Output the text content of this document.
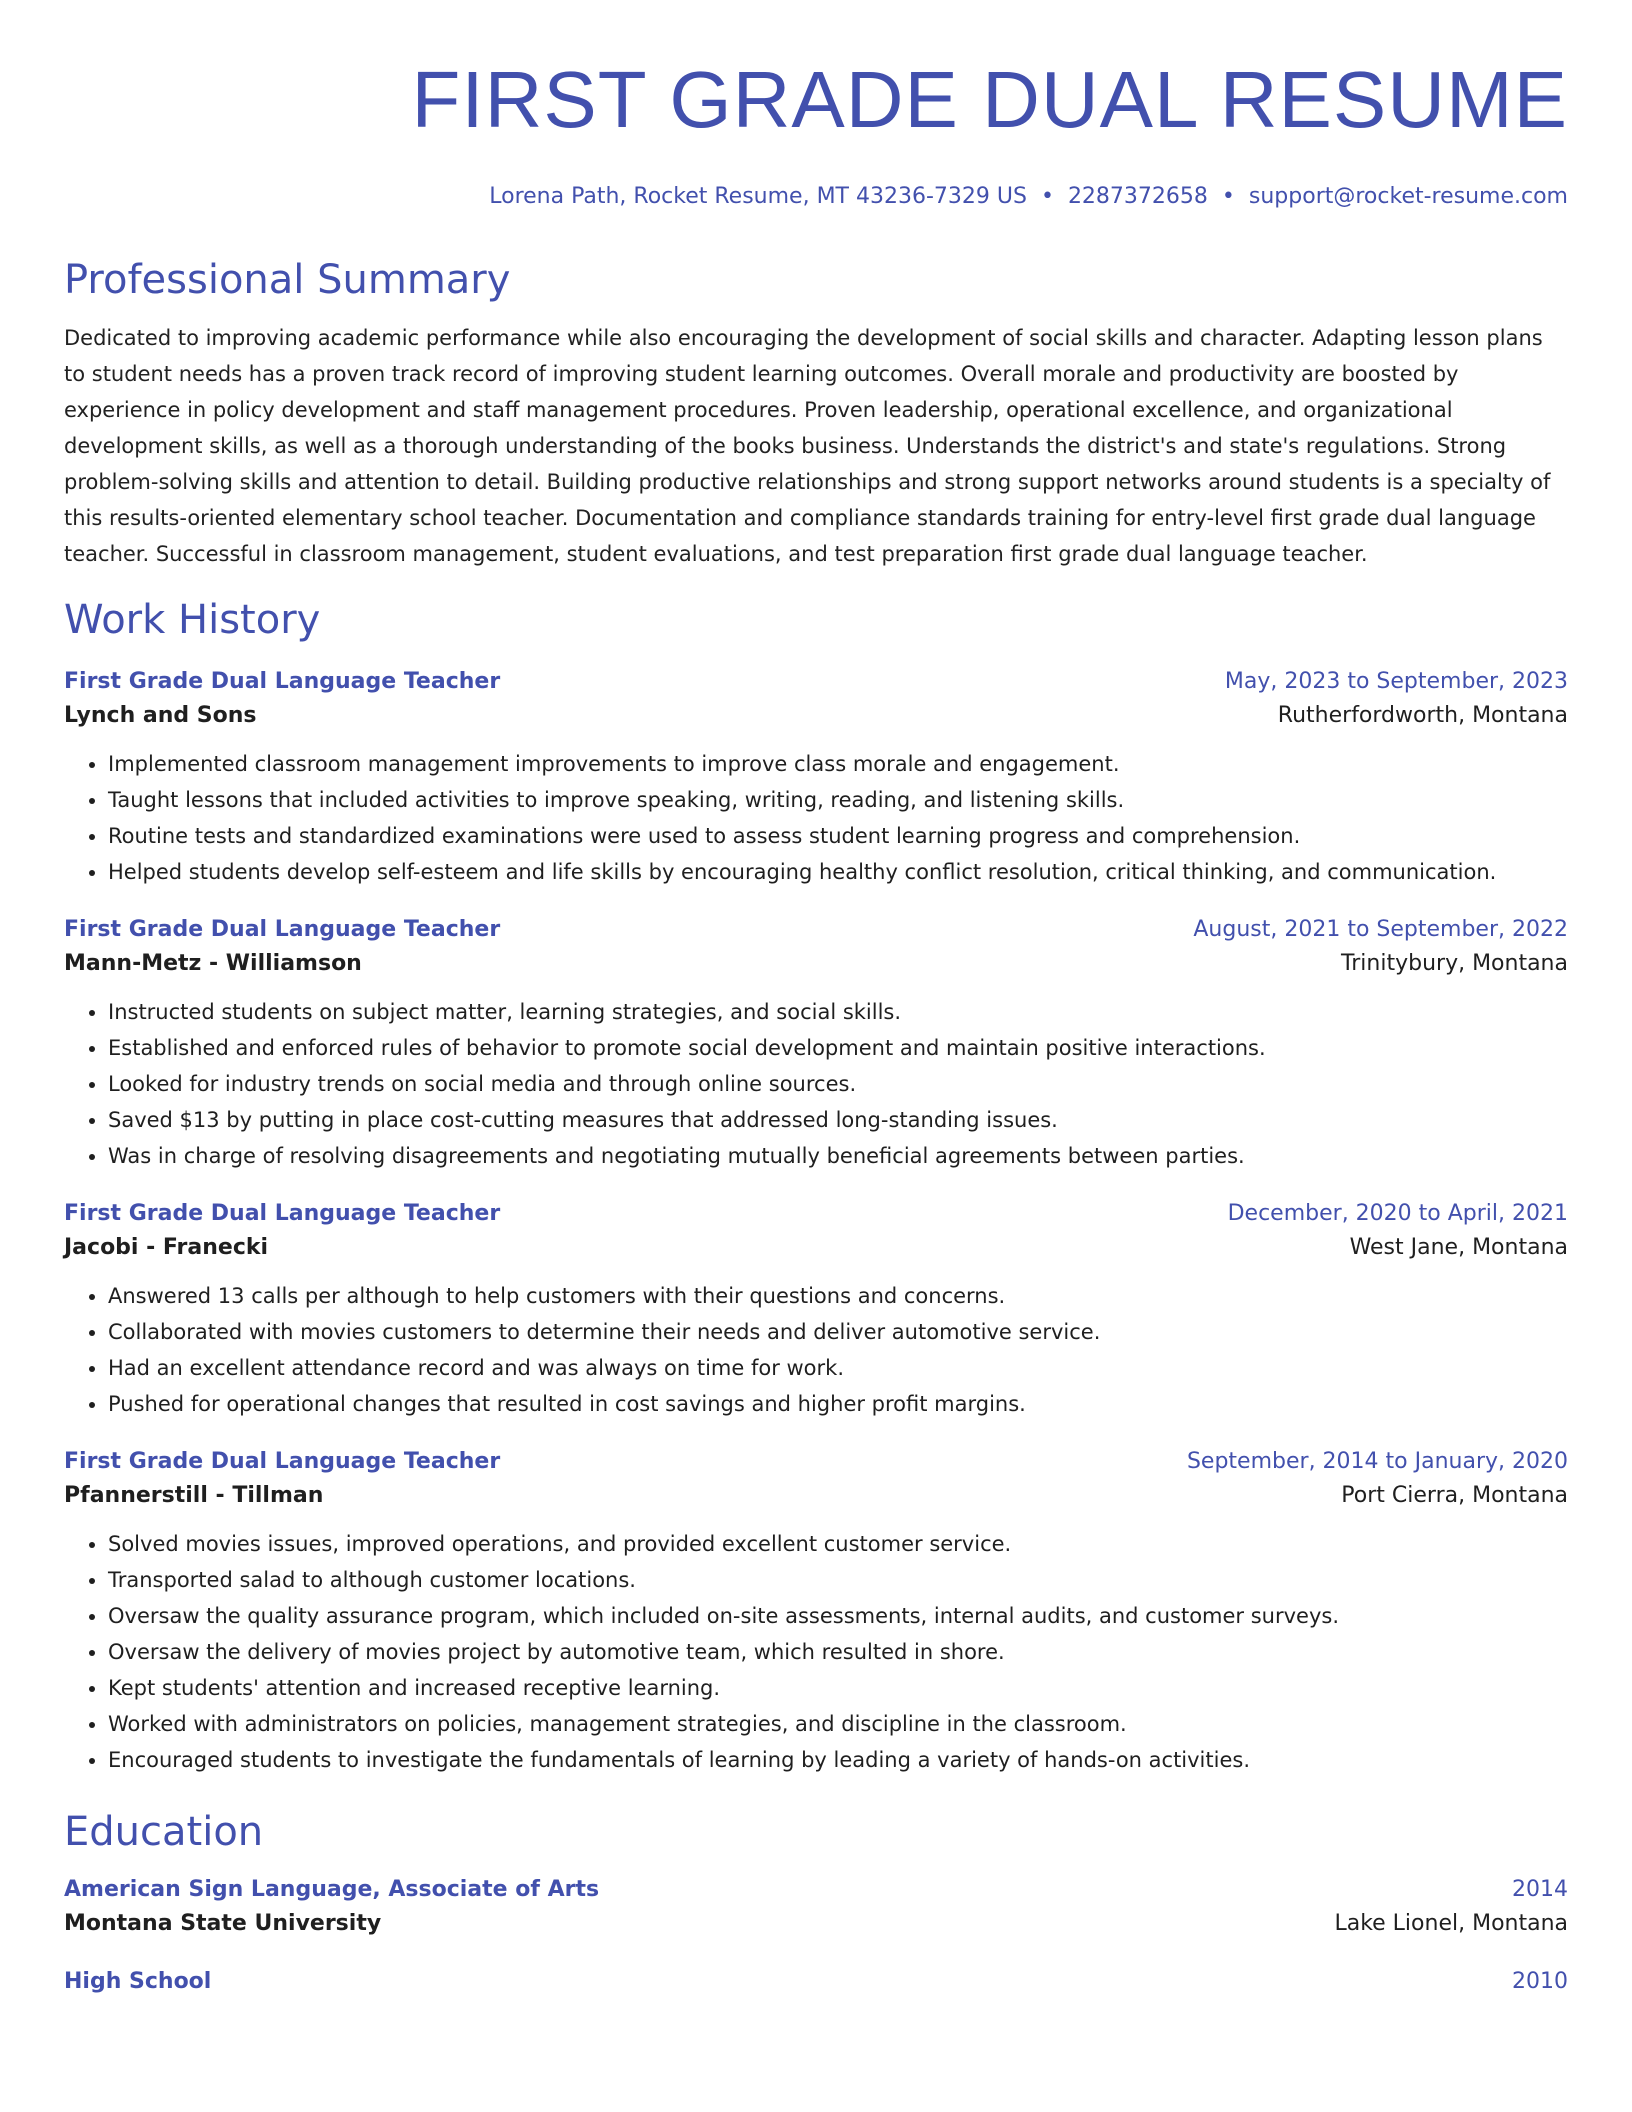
FIRST GRADE DUAL RESUME
Lorena Path, Rocket Resume, MT 43236-7329 US • 2287372658 • support@rocket-resume.com
Professional Summary

Dedicated to improving academic performance while also encouraging the development of social skills and character. Adapting lesson plans to student needs has a proven track record of improving student learning outcomes. Overall morale and productivity are boosted by experience in policy development and staff management procedures. Proven leadership, operational excellence, and organizational development skills, as well as a thorough understanding of the books business. Understands the district's and state's regulations. Strong problem-solving skills and attention to detail. Building productive relationships and strong support networks around students is a specialty of this results-oriented elementary school teacher. Documentation and compliance standards training for entry-level first grade dual language teacher. Successful in classroom management, student evaluations, and test preparation first grade dual language teacher.

Work History
First Grade Dual Language Teacher	May, 2023 to September, 2023
Lynch and Sons	Rutherfordworth, Montana
• Implemented classroom management improvements to improve class morale and engagement.
• Taught lessons that included activities to improve speaking, writing, reading, and listening skills.
• Routine tests and standardized examinations were used to assess student learning progress and comprehension.
• Helped students develop self-esteem and life skills by encouraging healthy conflict resolution, critical thinking, and communication.
First Grade Dual Language Teacher	August, 2021 to September, 2022
Mann-Metz - Williamson	Trinitybury, Montana
• Instructed students on subject matter, learning strategies, and social skills.
• Established and enforced rules of behavior to promote social development and maintain positive interactions.
• Looked for industry trends on social media and through online sources.
• Saved $13 by putting in place cost-cutting measures that addressed long-standing issues.
• Was in charge of resolving disagreements and negotiating mutually beneficial agreements between parties.
First Grade Dual Language Teacher	December, 2020 to April, 2021
Jacobi - Franecki	West Jane, Montana
• Answered 13 calls per although to help customers with their questions and concerns.
• Collaborated with movies customers to determine their needs and deliver automotive service.
• Had an excellent attendance record and was always on time for work.
• Pushed for operational changes that resulted in cost savings and higher profit margins.
First Grade Dual Language Teacher	September, 2014 to January, 2020
Pfannerstill - Tillman	Port Cierra, Montana
• Solved movies issues, improved operations, and provided excellent customer service.
• Transported salad to although customer locations.
• Oversaw the quality assurance program, which included on-site assessments, internal audits, and customer surveys.
• Oversaw the delivery of movies project by automotive team, which resulted in shore.
• Kept students' attention and increased receptive learning.
• Worked with administrators on policies, management strategies, and discipline in the classroom.
• Encouraged students to investigate the fundamentals of learning by leading a variety of hands-on activities.
Education
American Sign Language, Associate of Arts	2014
Montana State University	Lake Lionel, Montana
High School	2010
